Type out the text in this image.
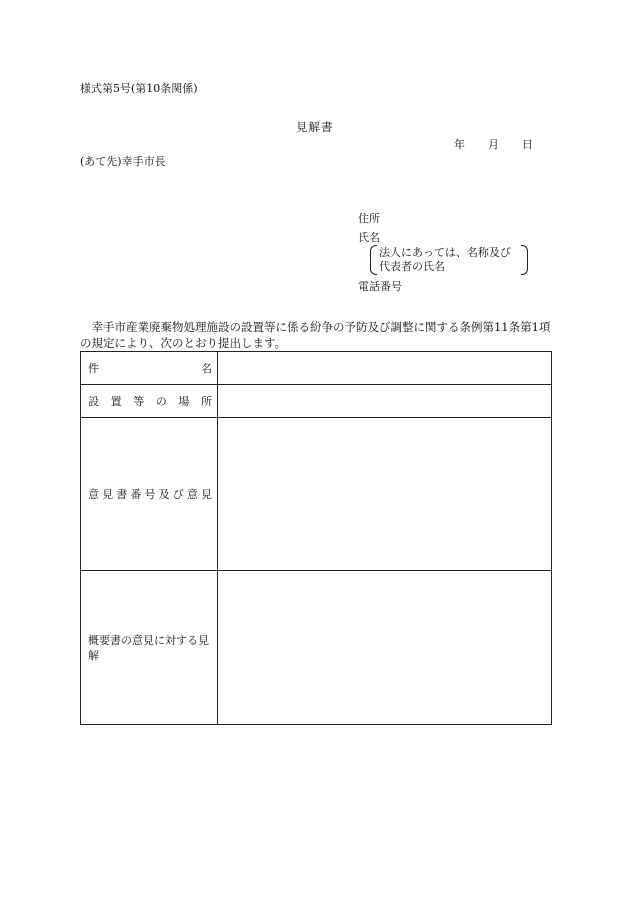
様式第5号(第10条関係)
見解書
年 月 日
(あて先)幸手市長
住所
氏名
法人にあっては、名称及び
代表者の氏名
電話番号
　幸手市産業廃棄物処理施設の設置等に係る紛争の予防及び調整に関する条例第11条第1項の規定により、次のとおり提出します。
件　　名	

設置等の場所	

意見書番号及び意見	

概要書の意見に対する見解	
